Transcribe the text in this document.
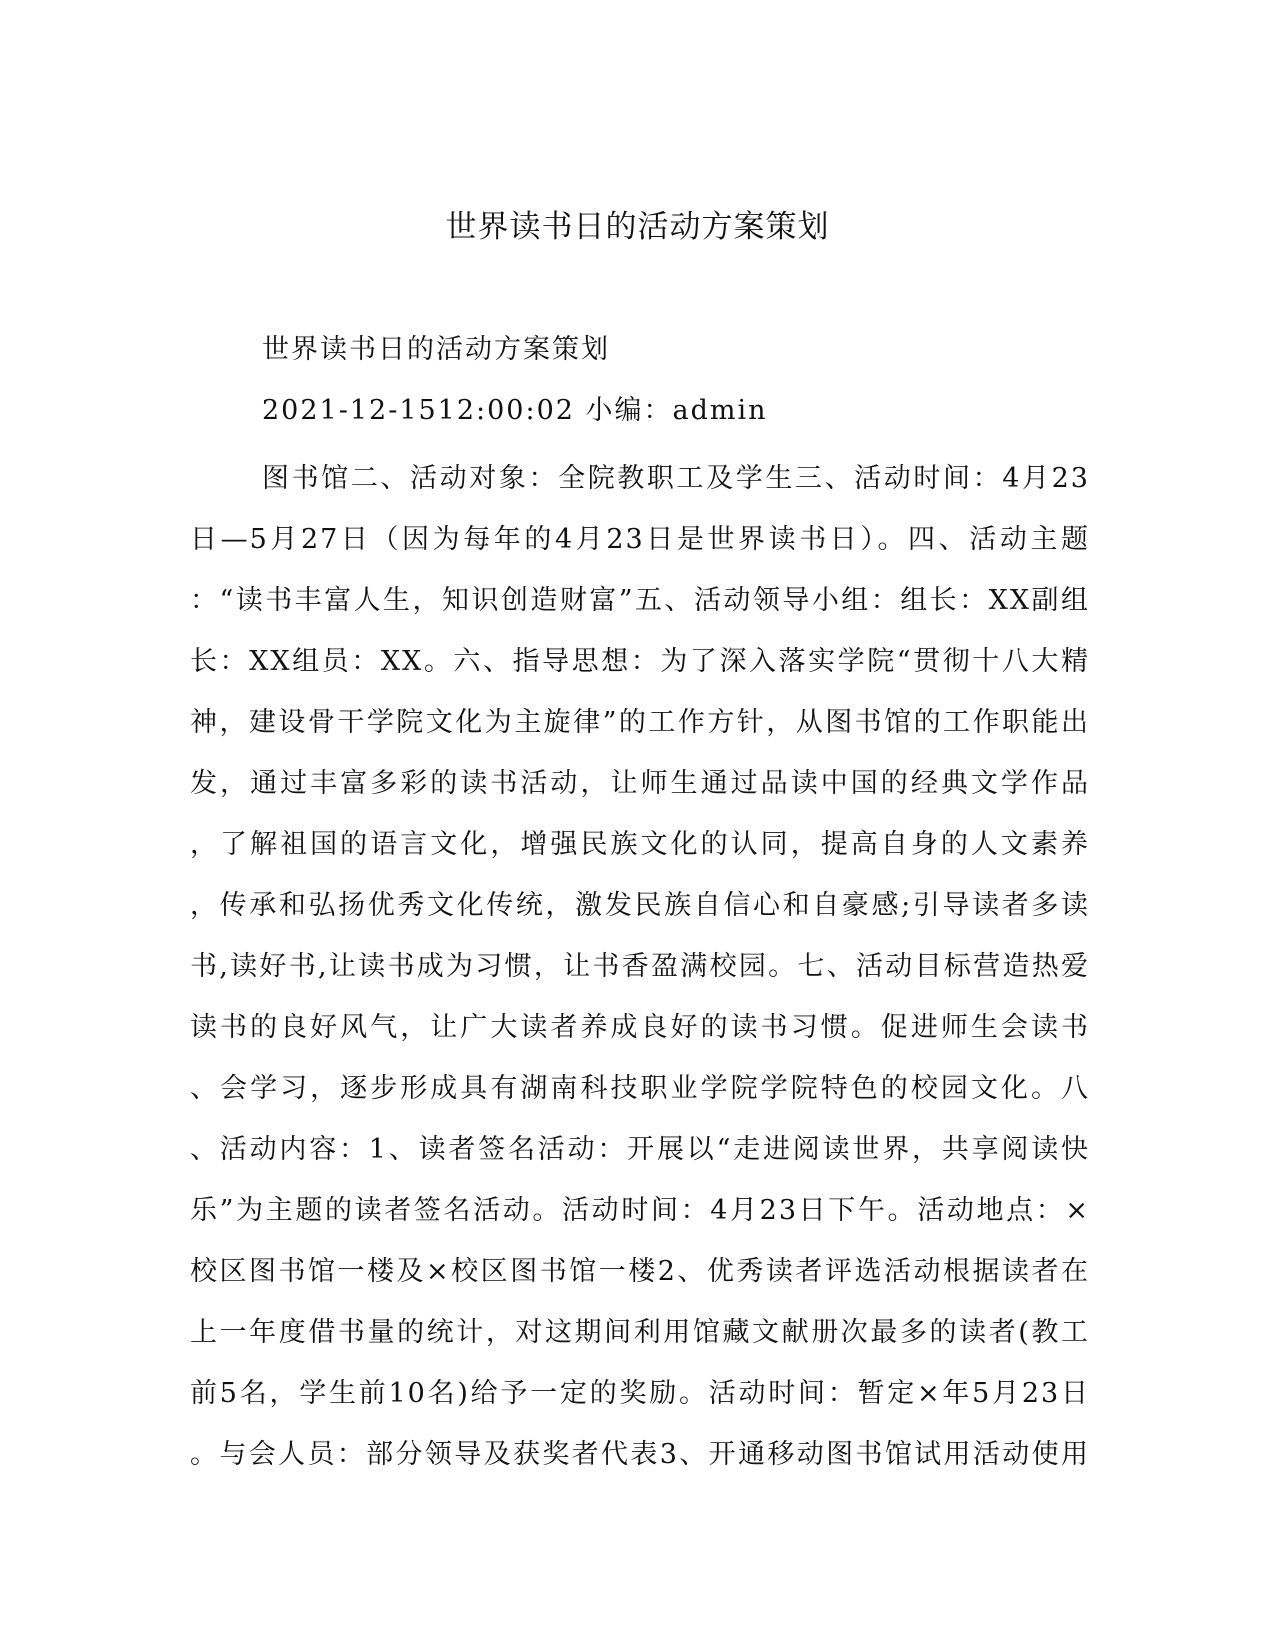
世界读书日的活动方案策划
世界读书日的活动方案策划
2021-12-1512:00:02 小编：admin
图书馆二、活动对象：全院教职工及学生三、活动时间：4月23
日—5月27日（因为每年的4月23日是世界读书日）。四、活动主题
：“读书丰富人生，知识创造财富”五、活动领导小组：组长：XX副组
长：XX组员：XX。六、指导思想：为了深入落实学院“贯彻十八大精
神，建设骨干学院文化为主旋律”的工作方针，从图书馆的工作职能出
发，通过丰富多彩的读书活动，让师生通过品读中国的经典文学作品
，了解祖国的语言文化，增强民族文化的认同，提高自身的人文素养
，传承和弘扬优秀文化传统，激发民族自信心和自豪感;引导读者多读
书,读好书,让读书成为习惯，让书香盈满校园。七、活动目标营造热爱
读书的良好风气，让广大读者养成良好的读书习惯。促进师生会读书
、会学习，逐步形成具有湖南科技职业学院学院特色的校园文化。八
、活动内容：1、读者签名活动：开展以“走进阅读世界，共享阅读快
乐”为主题的读者签名活动。活动时间：4月23日下午。活动地点：×
校区图书馆一楼及×校区图书馆一楼2、优秀读者评选活动根据读者在
上一年度借书量的统计，对这期间利用馆藏文献册次最多的读者(教工
前5名，学生前10名)给予一定的奖励。活动时间：暂定×年5月23日
。与会人员：部分领导及获奖者代表3、开通移动图书馆试用活动使用
